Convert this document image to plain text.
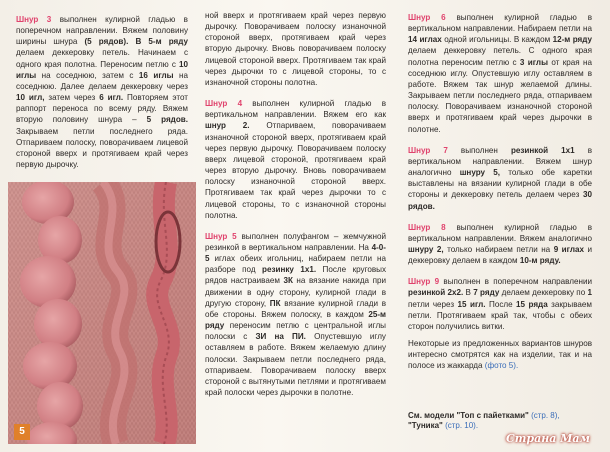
Шнур 3 выполнен кулирной гладью в поперечном направлении. Вяжем половину ширины шнура (5 рядов). В 5-м ряду делаем деккеровку петель. Начинаем с одного края полотна. Переносим петлю с 10 иглы на соседнюю, затем с 16 иглы на соседнюю. Далее делаем деккеровку через 10 игл, затем через 6 игл. Повторяем этот раппорт переноса по всему ряду. Вяжем вторую половину шнура – 5 рядов. Закрываем петли последнего ряда. Отпариваем полоску, поворачиваем лицевой стороной вверх и протягиваем край через первую дырочку.

5

ной вверх и протягиваем край через первую дырочку. Поворачиваем полоску изнаночной стороной вверх, протягиваем край через вторую дырочку. Вновь поворачиваем полоску лицевой стороной вверх. Протягиваем так край через дырочки то с лицевой стороны, то с изнаночной стороны полотна.

Шнур 4 выполнен кулирной гладью в вертикальном направлении. Вяжем его как шнур 2. Отпариваем, поворачиваем изнаночной стороной вверх, протягиваем край через первую дырочку. Поворачиваем полоску вверх лицевой стороной, протягиваем край через вторую дырочку. Вновь поворачиваем полоску изнаночной стороной вверх. Протягиваем так край через дырочки то с лицевой стороны, то с изнаночной стороны полотна.

Шнур 5 выполнен полуфангом – жемчужной резинкой в вертикальном направлении. На 4-0-5 иглах обеих игольниц, набираем петли на разборе под резинку 1x1. После круговых рядов настраиваем 3К на вязание накида при движении в одну сторону, кулирной глади в другую сторону, ПК вязание кулирной глади в обе стороны. Вяжем полоску, в каждом 25-м ряду переносим петлю с центральной иглы полоски с ЗИ на ПИ. Опустевшую иглу оставляем в работе. Вяжем желаемую длину полоски. Закрываем петли последнего ряда, отпариваем. Поворачиваем полоску вверх стороной с вытянутыми петлями и протягиваем край полоски через дырочки в полотне.

Шнур 6 выполнен кулирной гладью в вертикальном направлении. Набираем петли на 14 иглах одной игольницы. В каждом 12-м ряду делаем деккеровку петель. С одного края полотна переносим петлю с 3 иглы от края на соседнюю иглу. Опустевшую иглу оставляем в работе. Вяжем так шнур желаемой длины. Закрываем петли последнего ряда, отпариваем полоску. Поворачиваем изнаночной стороной вверх и протягиваем край через дырочки в полотне.

Шнур 7 выполнен резинкой 1x1 в вертикальном направлении. Вяжем шнур аналогично шнуру 5, только обе каретки выставлены на вязании кулирной глади в обе стороны и деккеровку петель делаем через 30 рядов.

Шнур 8 выполнен кулирной гладью в вертикальном направлении. Вяжем аналогично шнуру 2, только набираем петли на 9 иглах и деккеровку делаем в каждом 10-м ряду.

Шнур 9 выполнен в поперечном направлении резинкой 2x2. В 7 ряду делаем деккеровку по 1 петли через 15 игл. После 15 ряда закрываем петли. Протягиваем край так, чтобы с обеих сторон получились витки.

Некоторые из предложенных вариантов шнуров интересно смотрятся как на изделии, так и на полосе из жаккарда (фото 5).

См. модели "Топ с пайетками" (стр. 8),
"Туника" (стр. 10).
Страна Мам
